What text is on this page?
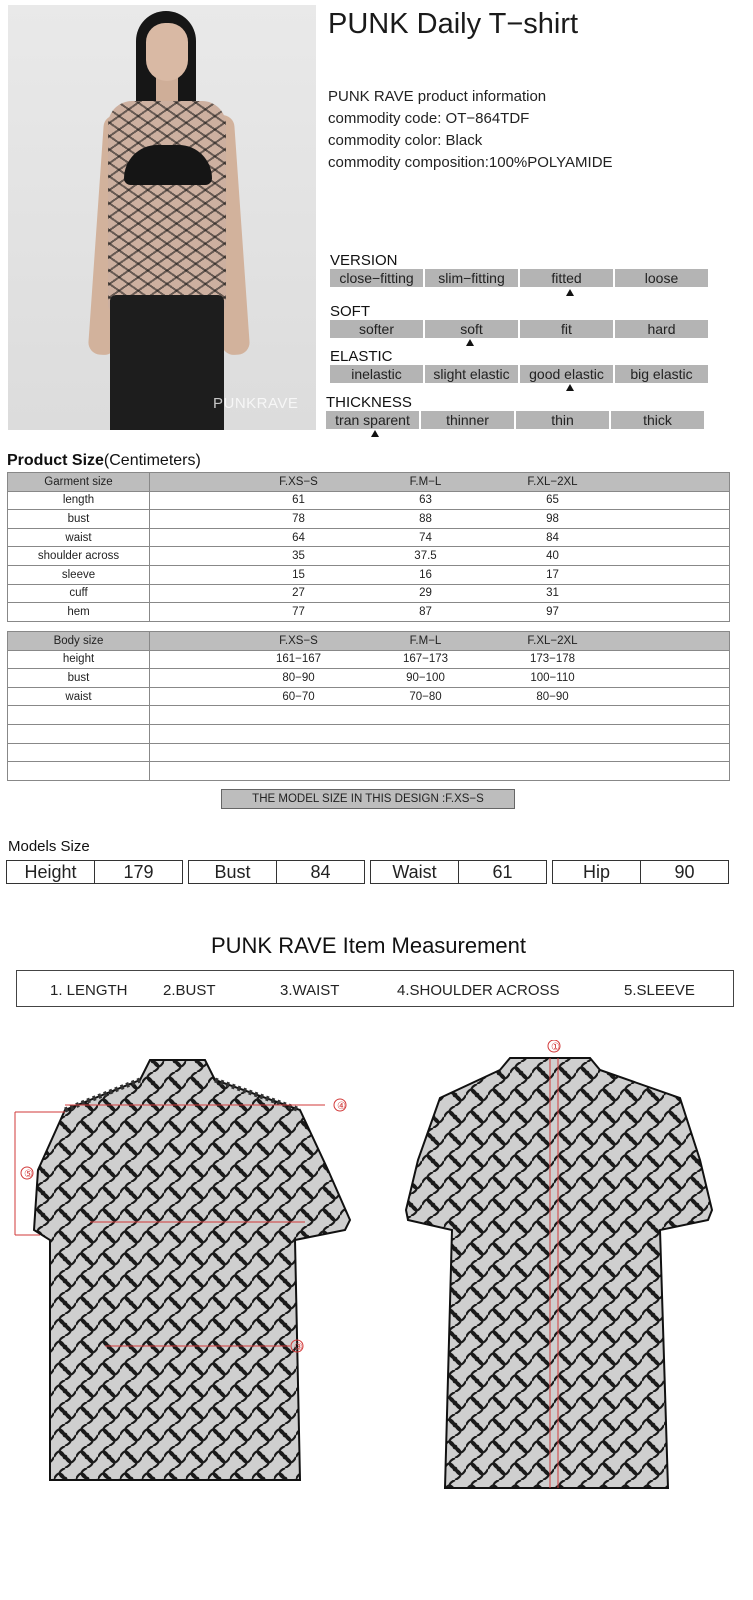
PUNKRAVE
PUNK Daily T−shirt
PUNK RAVE product information
commodity code: OT−864TDF
commodity color: Black
commodity composition:100%POLYAMIDE
VERSION
close−fitting	slim−fitting	fitted	loose
SOFT
softer	soft	fit	hard
ELASTIC
inelastic	slight elastic	good elastic	big elastic
THICKNESS
tran sparent	thinner	thin	thick
Product Size(Centimeters)
Garment size	F.XS−S F.M−L F.XL−2XL

length	61 63 65

bust	78 88 98

waist	64 74 84

shoulder across	35 37.5 40

sleeve	15 16 17

cuff	27 29 31

hem	77 87 97
Body size	F.XS−S F.M−L F.XL−2XL

height	161−167 167−173 173−178

bust	80−90 90−100 100−110

waist	60−70 70−80 80−90

THE MODEL SIZE IN THIS DESIGN :F.XS−S
Models Size
Height	179	Bust	84	Waist	61	Hip	90
PUNK RAVE Item Measurement
1. LENGTH 2.BUST	3.WAIST	4.SHOULDER ACROSS	5.SLEEVE
④
⑤
③
①
